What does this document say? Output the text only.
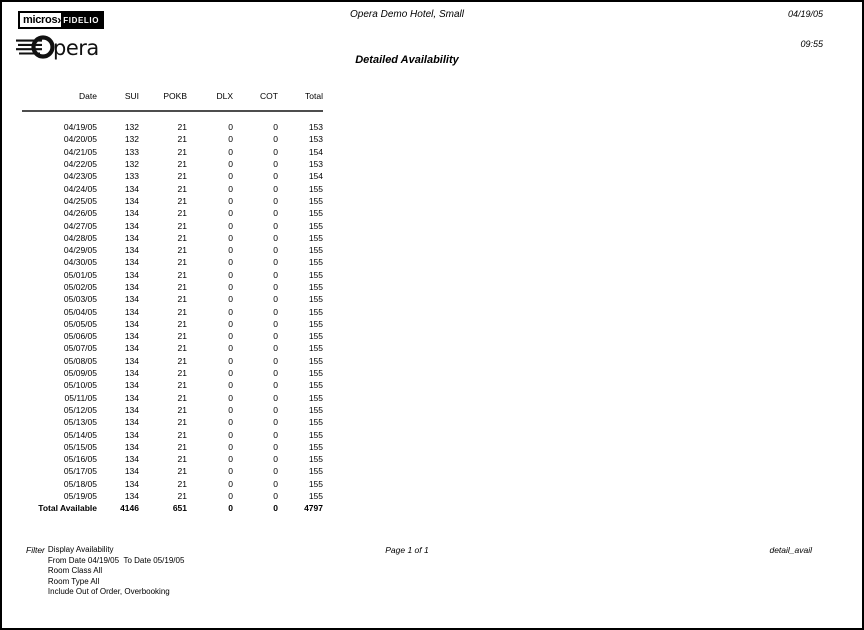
micros › FIDELIO
pera
Opera Demo Hotel, Small	04/19/05
09:55
Detailed Availability
Date	SUI	POKB	DLX	COT	Total
04/19/05	132	21	0	0	153
04/20/05	132	21	0	0	153
04/21/05	133	21	0	0	154
04/22/05	132	21	0	0	153
04/23/05	133	21	0	0	154
04/24/05	134	21	0	0	155
04/25/05	134	21	0	0	155
04/26/05	134	21	0	0	155
04/27/05	134	21	0	0	155
04/28/05	134	21	0	0	155
04/29/05	134	21	0	0	155
04/30/05	134	21	0	0	155
05/01/05	134	21	0	0	155
05/02/05	134	21	0	0	155
05/03/05	134	21	0	0	155
05/04/05	134	21	0	0	155
05/05/05	134	21	0	0	155
05/06/05	134	21	0	0	155
05/07/05	134	21	0	0	155
05/08/05	134	21	0	0	155
05/09/05	134	21	0	0	155
05/10/05	134	21	0	0	155
05/11/05	134	21	0	0	155
05/12/05	134	21	0	0	155
05/13/05	134	21	0	0	155
05/14/05	134	21	0	0	155
05/15/05	134	21	0	0	155
05/16/05	134	21	0	0	155
05/17/05	134	21	0	0	155
05/18/05	134	21	0	0	155
05/19/05	134	21	0	0	155
Total Available	4146	651	0	0	4797
Filter Display Availability
From Date 04/19/05  To Date 05/19/05
Room Class All
Room Type All
Include Out of Order, Overbooking
Page 1 of 1	detail_avail
